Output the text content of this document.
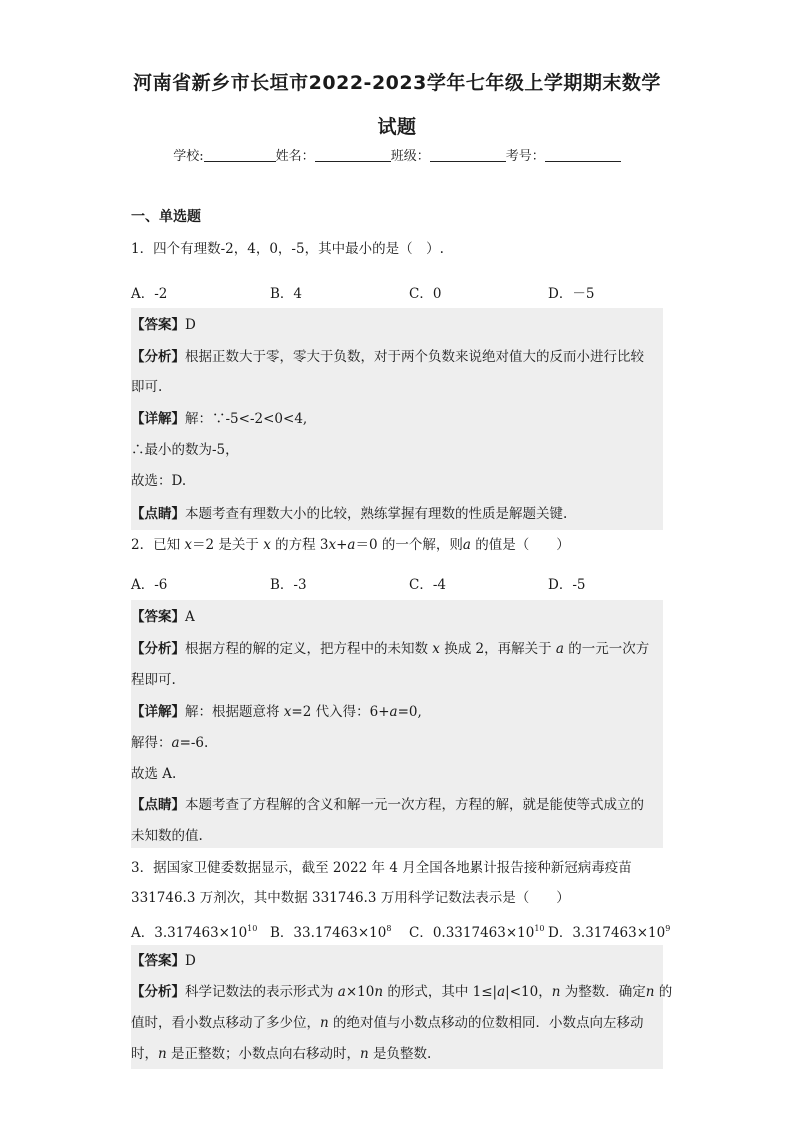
河南省新乡市长垣市2022-2023学年七年级上学期期末数学
试题
学校:	姓名：	班级：	考号：
一、单选题
1．四个有理数-2，4，0，-5，其中最小的是（　）.
A．-2	B．4	C．0	D．－5
【答案】D
【分析】根据正数大于零，零大于负数，对于两个负数来说绝对值大的反而小进行比较
即可.
【详解】解：∵-5<-2<0<4,
∴最小的数为-5，
故选：D.
【点睛】本题考查有理数大小的比较，熟练掌握有理数的性质是解题关键.
2．已知 x＝2 是关于 x 的方程 3x+a＝0 的一个解，则a 的值是（　　）
A．-6	B．-3	C．-4	D．-5
【答案】A
【分析】根据方程的解的定义，把方程中的未知数 x 换成 2，再解关于 a 的一元一次方
程即可.
【详解】解：根据题意将 x=2 代入得：6+a=0,
解得：a=-6.
故选 A.
【点睛】本题考查了方程解的含义和解一元一次方程，方程的解，就是能使等式成立的
未知数的值.
3．据国家卫健委数据显示，截至 2022 年 4 月全国各地累计报告接种新冠病毒疫苗
331746.3 万剂次，其中数据 331746.3 万用科学记数法表示是（　　）
A．$3.317463\times 10^{10}$ B．$33.17463\times 10^8$ C．$0.3317463\times 10^{10}$ D．$3.317463\times 10^9$
【答案】D
【分析】科学记数法的表示形式为 a×10n 的形式，其中 1≤|a|<10，n 为整数．确定n 的
值时，看小数点移动了多少位，n 的绝对值与小数点移动的位数相同．小数点向左移动
时，n 是正整数；小数点向右移动时，n 是负整数.
